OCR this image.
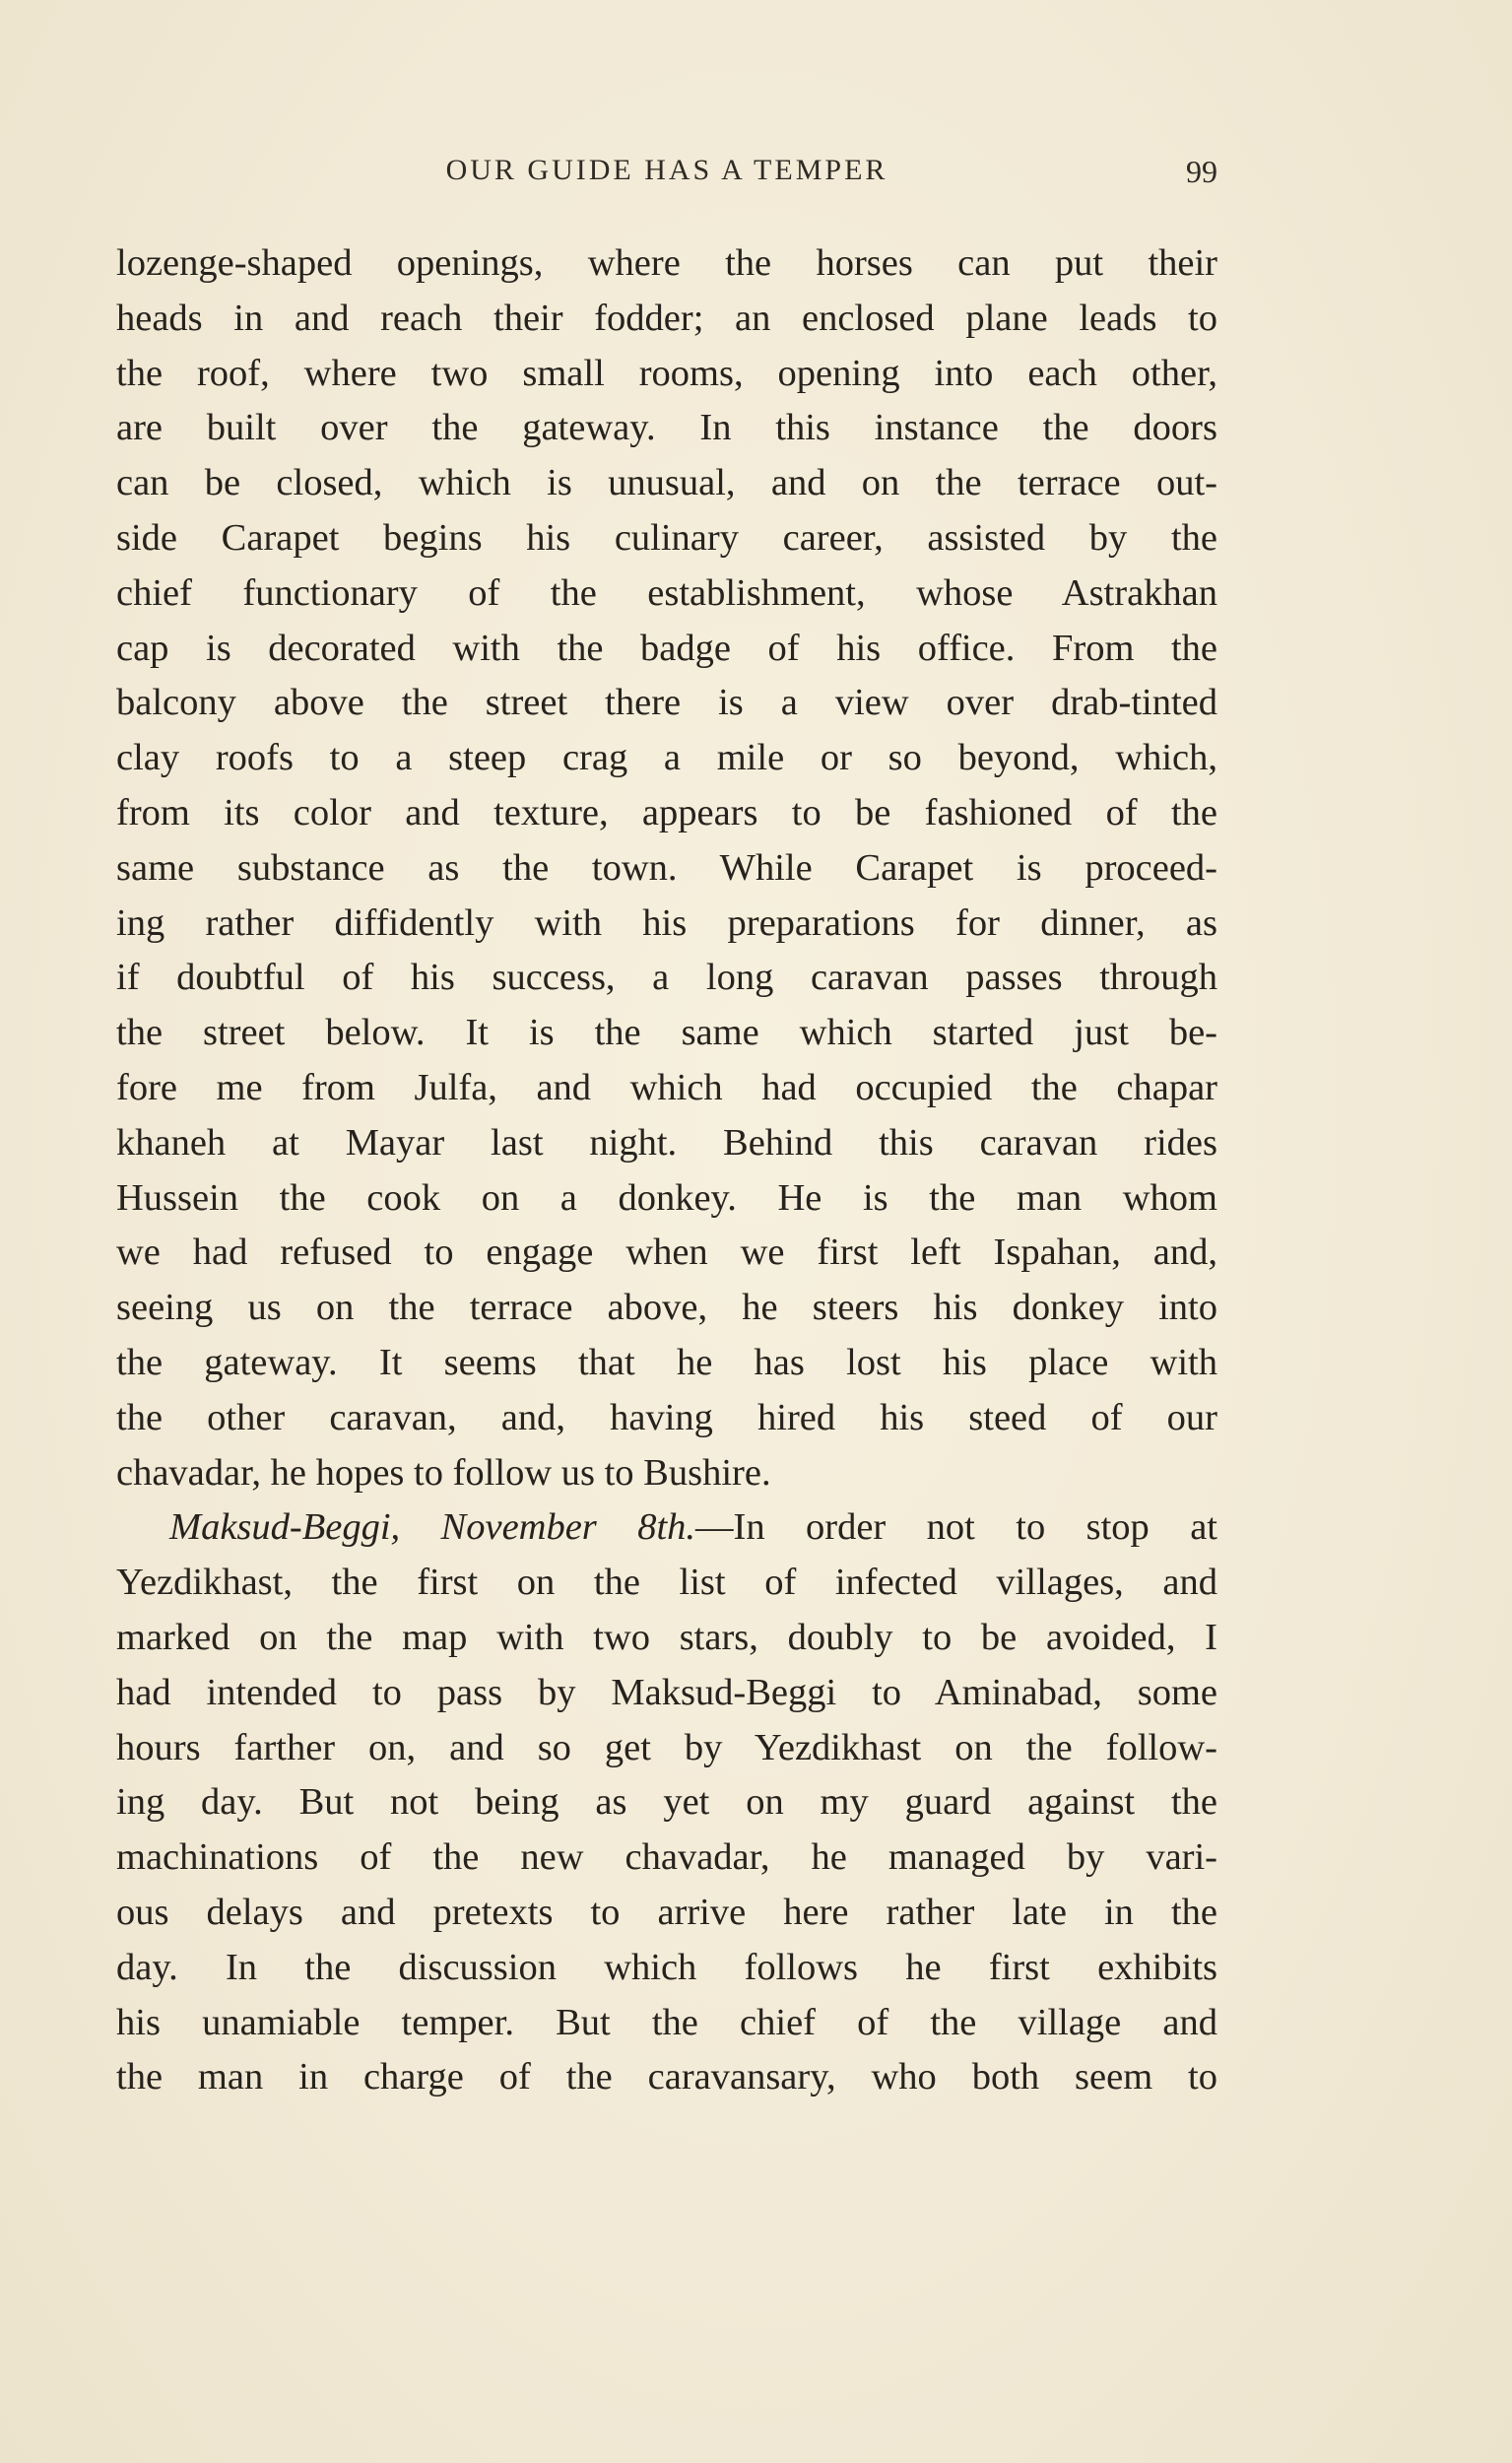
OUR GUIDE HAS A TEMPER	99
lozenge-shaped openings, where the horses can put their
heads in and reach their fodder; an enclosed plane leads to
the roof, where two small rooms, opening into each other,
are built over the gateway. In this instance the doors
can be closed, which is unusual, and on the terrace out-
side Carapet begins his culinary career, assisted by the
chief functionary of the establishment, whose Astrakhan
cap is decorated with the badge of his office. From the
balcony above the street there is a view over drab-tinted
clay roofs to a steep crag a mile or so beyond, which,
from its color and texture, appears to be fashioned of the
same substance as the town. While Carapet is proceed-
ing rather diffidently with his preparations for dinner, as
if doubtful of his success, a long caravan passes through
the street below. It is the same which started just be-
fore me from Julfa, and which had occupied the chapar
khaneh at Mayar last night. Behind this caravan rides
Hussein the cook on a donkey. He is the man whom
we had refused to engage when we first left Ispahan, and,
seeing us on the terrace above, he steers his donkey into
the gateway. It seems that he has lost his place with
the other caravan, and, having hired his steed of our
chavadar, he hopes to follow us to Bushire.
Maksud-Beggi, November 8th.—In order not to stop at
Yezdikhast, the first on the list of infected villages, and
marked on the map with two stars, doubly to be avoided, I
had intended to pass by Maksud-Beggi to Aminabad, some
hours farther on, and so get by Yezdikhast on the follow-
ing day. But not being as yet on my guard against the
machinations of the new chavadar, he managed by vari-
ous delays and pretexts to arrive here rather late in the
day. In the discussion which follows he first exhibits
his unamiable temper. But the chief of the village and
the man in charge of the caravansary, who both seem to
